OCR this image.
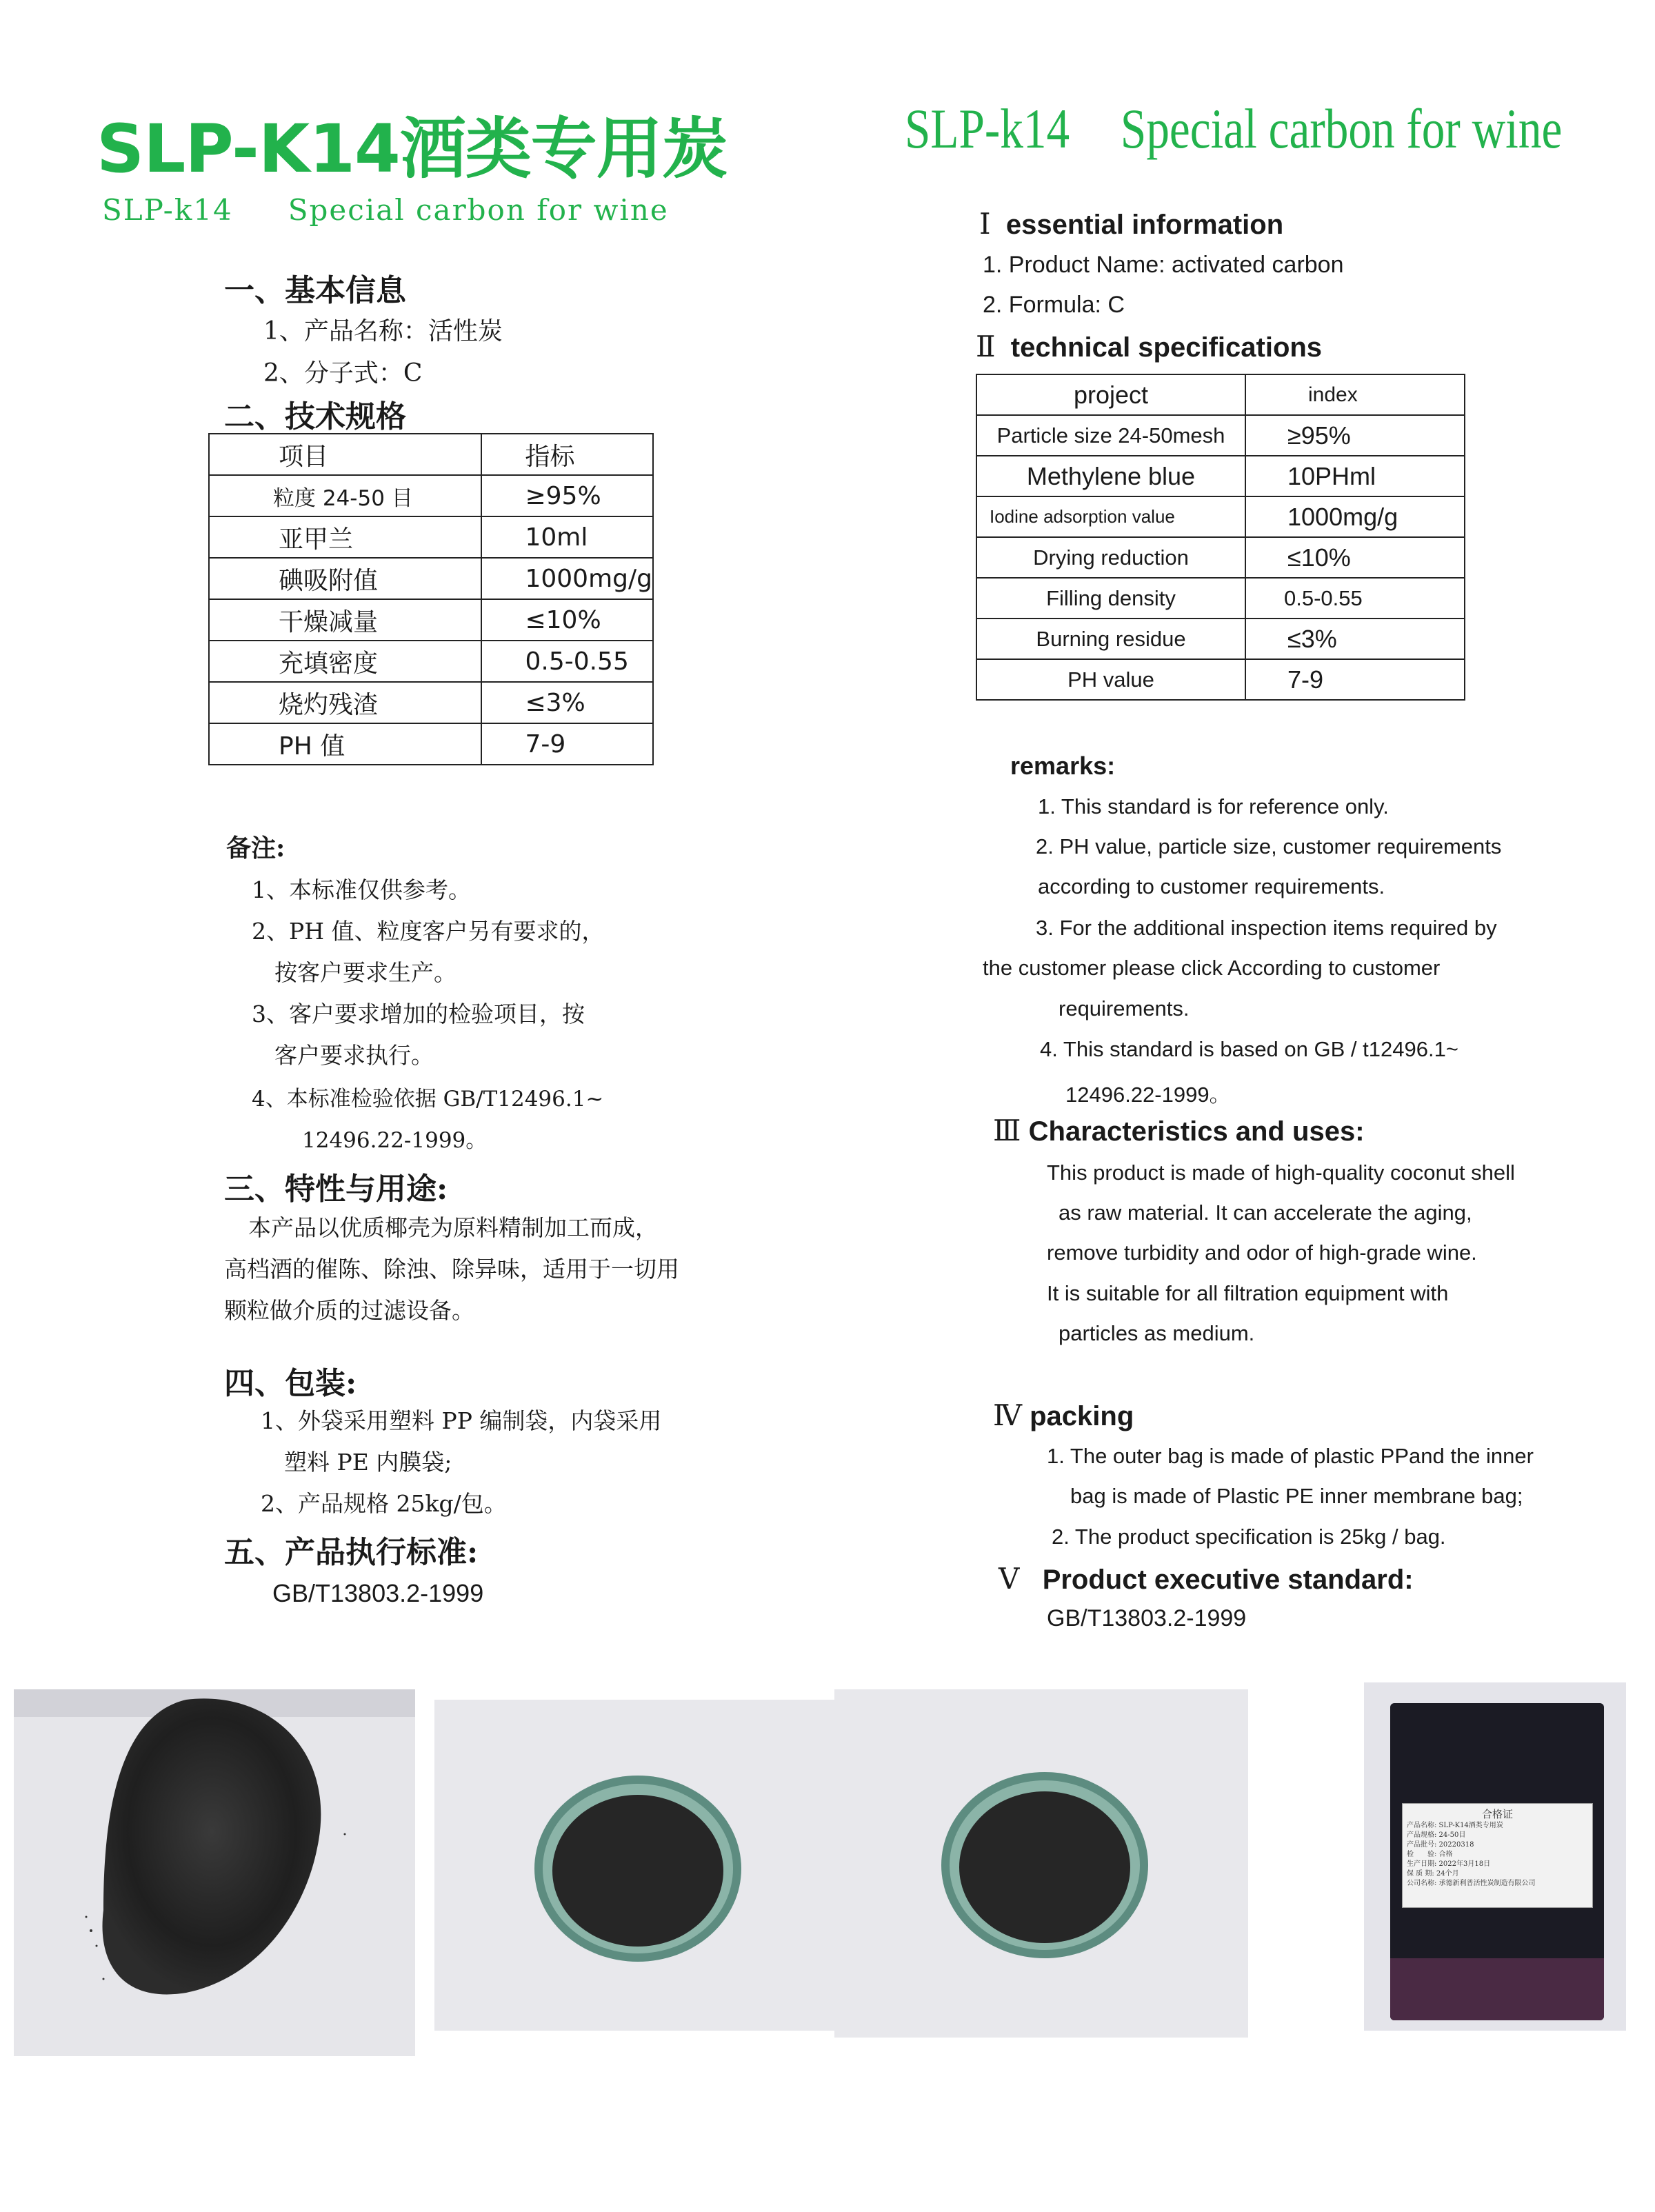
SLP-K14酒类专用炭
SLP-k14 Special carbon for wine
SLP-k14 Special carbon for wine
一、基本信息
1、产品名称：活性炭
2、分子式：C
二、技术规格
项目	指标
粒度 24-50 目	≥95%
亚甲兰	10ml
碘吸附值	1000mg/g
干燥减量	≤10%
充填密度	0.5-0.55
烧灼残渣	≤3%
PH 值	7-9
备注:
1、本标准仅供参考。
2、PH 值、粒度客户另有要求的，
按客户要求生产。
3、客户要求增加的检验项目，按
客户要求执行。
4、本标准检验依据 GB/T12496.1~
12496.22-1999。
三、特性与用途:
本产品以优质椰壳为原料精制加工而成，
高档酒的催陈、除浊、除异味，适用于一切用
颗粒做介质的过滤设备。
四、包装:
1、外袋采用塑料 PP 编制袋，内袋采用
塑料 PE 内膜袋;
2、产品规格 25kg/包。
五、产品执行标准:
GB/T13803.2-1999
Ⅰ essential information
1. Product Name: activated carbon
2. Formula: C
Ⅱ technical specifications
project	index
Particle size 24-50mesh	≥95%
Methylene blue	10PHml
Iodine adsorption value	1000mg/g
Drying reduction	≤10%
Filling density	0.5-0.55
Burning residue	≤3%
PH value	7-9
remarks:
1. This standard is for reference only.
2. PH value, particle size, customer requirements
according to customer requirements.
3. For the additional inspection items required by
the customer please click According to customer
requirements.
4. This standard is based on GB / t12496.1~
12496.22-1999。
Ⅲ Characteristics and uses:
This product is made of high-quality coconut shell
as raw material. It can accelerate the aging,
remove turbidity and odor of high-grade wine.
It is suitable for all filtration equipment with
particles as medium.
Ⅳ packing
1. The outer bag is made of plastic PPand the inner
bag is made of Plastic PE inner membrane bag;
2. The product specification is 25kg / bag.
Ⅴ Product executive standard:
GB/T13803.2-1999
合格证
产品名称: SLP-K14酒类专用炭
产品规格: 24-50目
产品批号: 20220318
检　　验: 合格
生产日期: 2022年3月18日
保 质 期: 24个月
公司名称: 承德新利普活性炭制造有限公司
